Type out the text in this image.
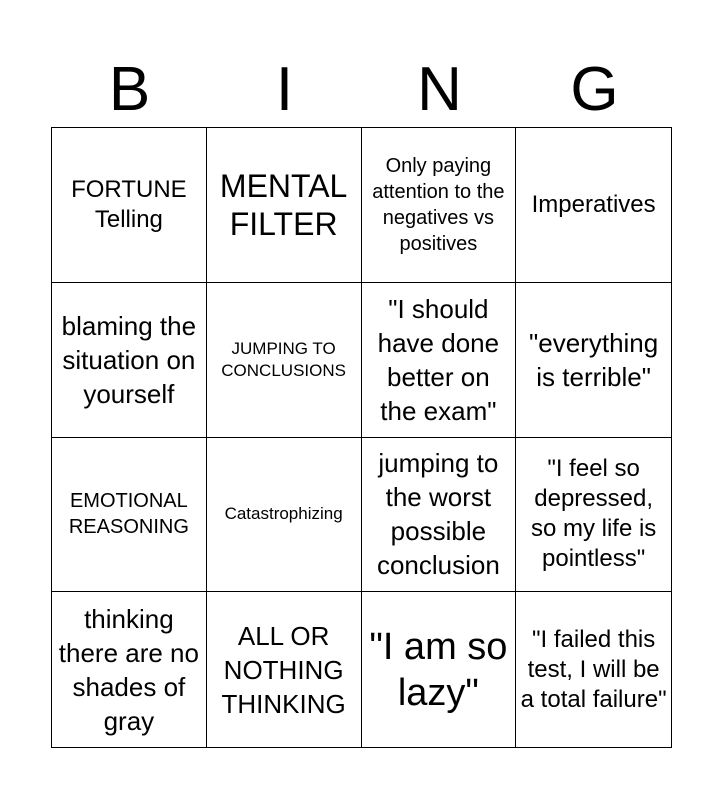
B	I	N	G
FORTUNE Telling
MENTAL FILTER
Only paying attention to the negatives vs positives
Imperatives
blaming the situation on yourself
JUMPING TO CONCLUSIONS
"I should have done better on the exam"
"everything is terrible"
EMOTIONAL REASONING
Catastrophizing
jumping to the worst possible conclusion
"I feel so depressed, so my life is pointless"
thinking there are no shades of gray
ALL OR NOTHING THINKING
"I am so lazy"
"I failed this test, I will be a total failure"
